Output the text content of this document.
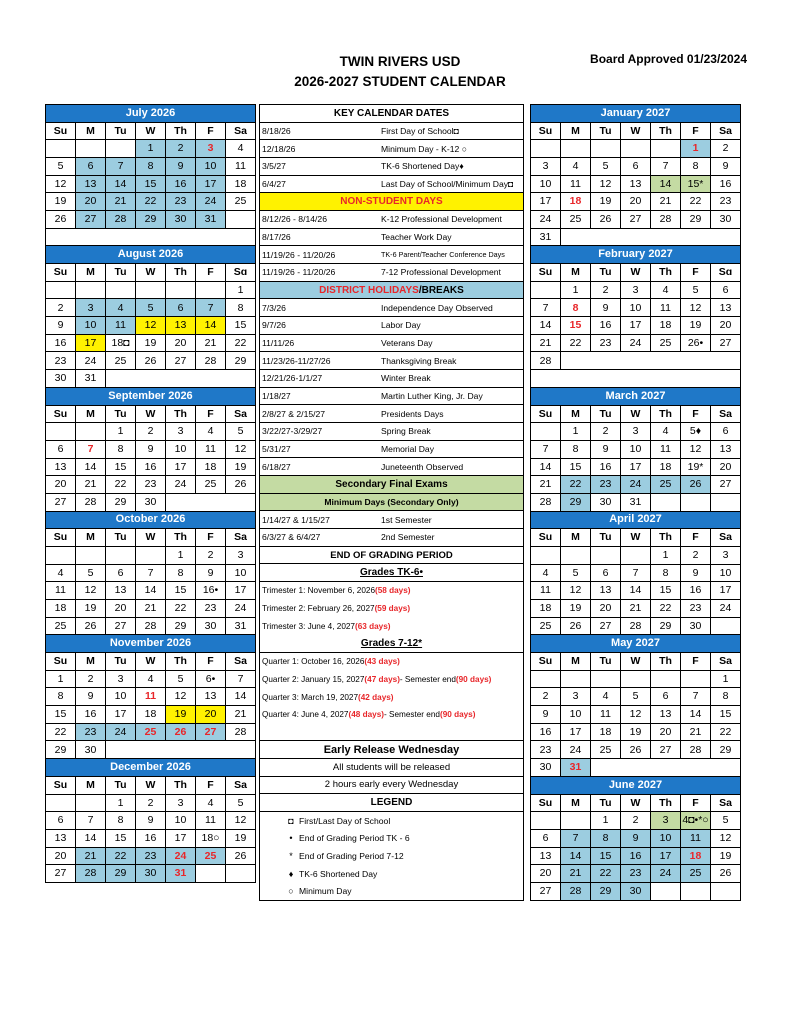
TWIN RIVERS USD
2026-2027 STUDENT CALENDAR
Board Approved 01/23/2024
July 2026						
Su	M	Tu	W	Th	F	Sa
			1	2	3	4
5	6	7	8	9	10	11
12	13	14	15	16	17	18
19	20	21	22	23	24	25
26	27	28	29	30	31	

August 2026						
Su	M	Tu	W	Th	F	Sɑ
						1
2	3	4	5	6	7	8
9	10	11	12	13	14	15
16	17	18◘	19	20	21	22
23	24	25	26	27	28	29
30	31					
September 2026						
Su	M	Tu	W	Th	F	Sa
		1	2	3	4	5
6	7	8	9	10	11	12
13	14	15	16	17	18	19
20	21	22	23	24	25	26
27	28	29	30			
October 2026						
Su	M	Tu	W	Th	F	Sa
				1	2	3
4	5	6	7	8	9	10
11	12	13	14	15	16•	17
18	19	20	21	22	23	24
25	26	27	28	29	30	31
November 2026						
Su	M	Tu	W	Th	F	Sa
1	2	3	4	5	6•	7
8	9	10	11	12	13	14
15	16	17	18	19	20	21
22	23	24	25	26	27	28
29	30					
December 2026						
Su	M	Tu	W	Th	F	Sa
		1	2	3	4	5
6	7	8	9	10	11	12
13	14	15	16	17	18○	19
20	21	22	23	24	25	26
27	28	29	30	31		
January 2027						
Su	M	Tu	W	Th	F	Sa
					1	2
3	4	5	6	7	8	9
10	11	12	13	14	15*	16
17	18	19	20	21	22	23
24	25	26	27	28	29	30
31						
February 2027						
Su	M	Tu	W	Th	F	Sɑ
	1	2	3	4	5	6
7	8	9	10	11	12	13
14	15	16	17	18	19	20
21	22	23	24	25	26•	27
28						

March 2027						
Su	M	Tu	W	Th	F	Sa
	1	2	3	4	5♦	6
7	8	9	10	11	12	13
14	15	16	17	18	19*	20
21	22	23	24	25	26	27
28	29	30	31			
April 2027						
Su	M	Tu	W	Th	F	Sa
				1	2	3
4	5	6	7	8	9	10
11	12	13	14	15	16	17
18	19	20	21	22	23	24
25	26	27	28	29	30	
May 2027						
Su	M	Tu	W	Th	F	Sa
						1
2	3	4	5	6	7	8
9	10	11	12	13	14	15
16	17	18	19	20	21	22
23	24	25	26	27	28	29
30	31					
June 2027						
Su	M	Tu	W	Th	F	Sa
		1	2	3	4◘•*○	5
6	7	8	9	10	11	12
13	14	15	16	17	18	19
20	21	22	23	24	25	26
27	28	29	30			
KEY CALENDAR DATES
8/18/26	First Day of School◘
12/18/26	Minimum Day - K-12 ○
3/5/27	TK-6 Shortened Day♦
6/4/27	Last Day of School/Minimum Day◘
NON-STUDENT DAYS
8/12/26 - 8/14/26	K-12 Professional Development
8/17/26	Teacher Work Day
11/19/26 - 11/20/26	TK-6 Parent/Teacher Conference Days
11/19/26 - 11/20/26	7-12 Professional Development
DISTRICT HOLIDAYS /BREAKS
7/3/26	Independence Day Observed
9/7/26	Labor Day
11/11/26	Veterans Day
11/23/26-11/27/26	Thanksgiving Break
12/21/26-1/1/27	Winter Break
1/18/27	Martin Luther King, Jr. Day
2/8/27 & 2/15/27	Presidents Days
3/22/27-3/29/27	Spring Break
5/31/27	Memorial Day
6/18/27	Juneteenth Observed
Secondary Final Exams
Minimum Days (Secondary Only)
1/14/27 & 1/15/27	1st Semester
6/3/27 & 6/4/27	2nd Semester
END OF GRADING PERIOD
Grades TK-6•
Trimester 1: November 6, 2026 (58 days)
Trimester 2: February 26, 2027 (59 days)
Trimester 3: June 4, 2027 (63 days)
Grades 7-12*
Quarter 1: October 16, 2026 (43 days)
Quarter 2: January 15, 2027 (47 days) - Semester end (90 days)
Quarter 3: March 19, 2027 (42 days)
Quarter 4: June 4, 2027 (48 days) - Semester end (90 days)
Early Release Wednesday
All students will be released
2 hours early every Wednesday
LEGEND
◘ First/Last Day of School
• End of Grading Period TK - 6
* End of Grading Period 7-12
♦ TK-6 Shortened Day
○ Minimum Day
